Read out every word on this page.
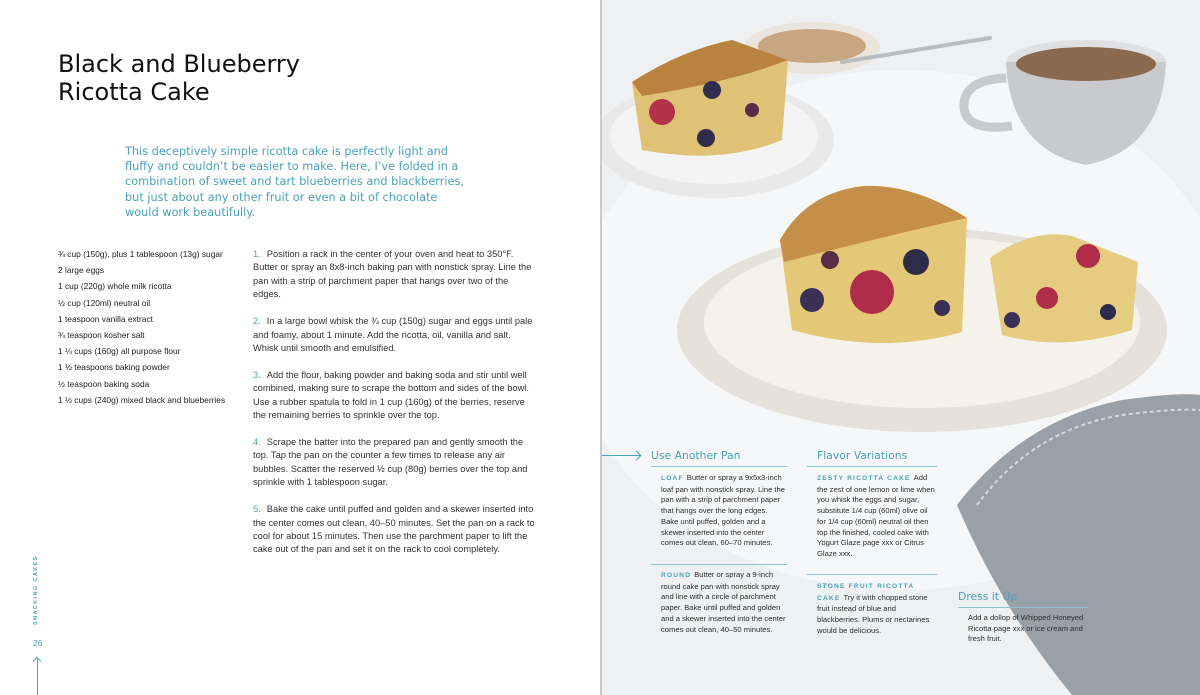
Black and Blueberry Ricotta Cake

This deceptively simple ricotta cake is perfectly light and fluffy and couldn’t be easier to make. Here, I’ve folded in a combination of sweet and tart blueberries and blackberries, but just about any other fruit or even a bit of chocolate would work beautifully.

¾ cup (150g), plus 1 tablespoon (13g) sugar
2 large eggs
1 cup (220g) whole milk ricotta
½ cup (120ml) neutral oil
1 teaspoon vanilla extract
¾ teaspoon kosher salt
1 ¼ cups (160g) all purpose flour
1 ½ teaspoons baking powder
½ teaspoon baking soda
1 ½ cups (240g) mixed black and blueberries

1. Position a rack in the center of your oven and heat to 350°F. Butter or spray an 8x8-inch baking pan with nonstick spray. Line the pan with a strip of parchment paper that hangs over two of the edges.

2. In a large bowl whisk the ¾ cup (150g) sugar and eggs until pale and foamy, about 1 minute. Add the ricotta, oil, vanilla and salt. Whisk until smooth and emulsified.

3. Add the flour, baking powder and baking soda and stir until well combined, making sure to scrape the bottom and sides of the bowl. Use a rubber spatula to fold in 1 cup (160g) of the berries, reserve the remaining berries to sprinkle over the top.

4. Scrape the batter into the prepared pan and gently smooth the top. Tap the pan on the counter a few times to release any air bubbles. Scatter the reserved ½ cup (80g) berries over the top and sprinkle with 1 tablespoon sugar.

5. Bake the cake until puffed and golden and a skewer inserted into the center comes out clean, 40–50 minutes. Set the pan on a rack to cool for about 15 minutes. Then use the parchment paper to lift the cake out of the pan and set it on the rack to cool completely.

SNACKING CAKES
26
Use Another Pan

LOAF Butter or spray a 9x5x3-inch loaf pan with nonstick spray. Line the pan with a strip of parchment paper that hangs over the long edges. Bake until puffed, golden and a skewer inserted into the center comes out clean, 60–70 minutes.

ROUND Butter or spray a 9-inch round cake pan with nonstick spray and line with a circle of parchment paper. Bake until puffed and golden and a skewer inserted into the center comes out clean, 40–50 minutes.

Flavor Variations

ZESTY RICOTTA CAKE Add the zest of one lemon or lime when you whisk the eggs and sugar, substitute 1/4 cup (60ml) olive oil for 1/4 cup (60ml) neutral oil then top the finished, cooled cake with Yogurt Glaze page xxx or Citrus Glaze xxx.

STONE FRUIT RICOTTA CAKE Try it with chopped stone fruit instead of blue and blackberries. Plums or nectarines would be delicious.

Dress it Up

Add a dollop of Whipped Honeyed Ricotta page xxx or ice cream and fresh fruit.
